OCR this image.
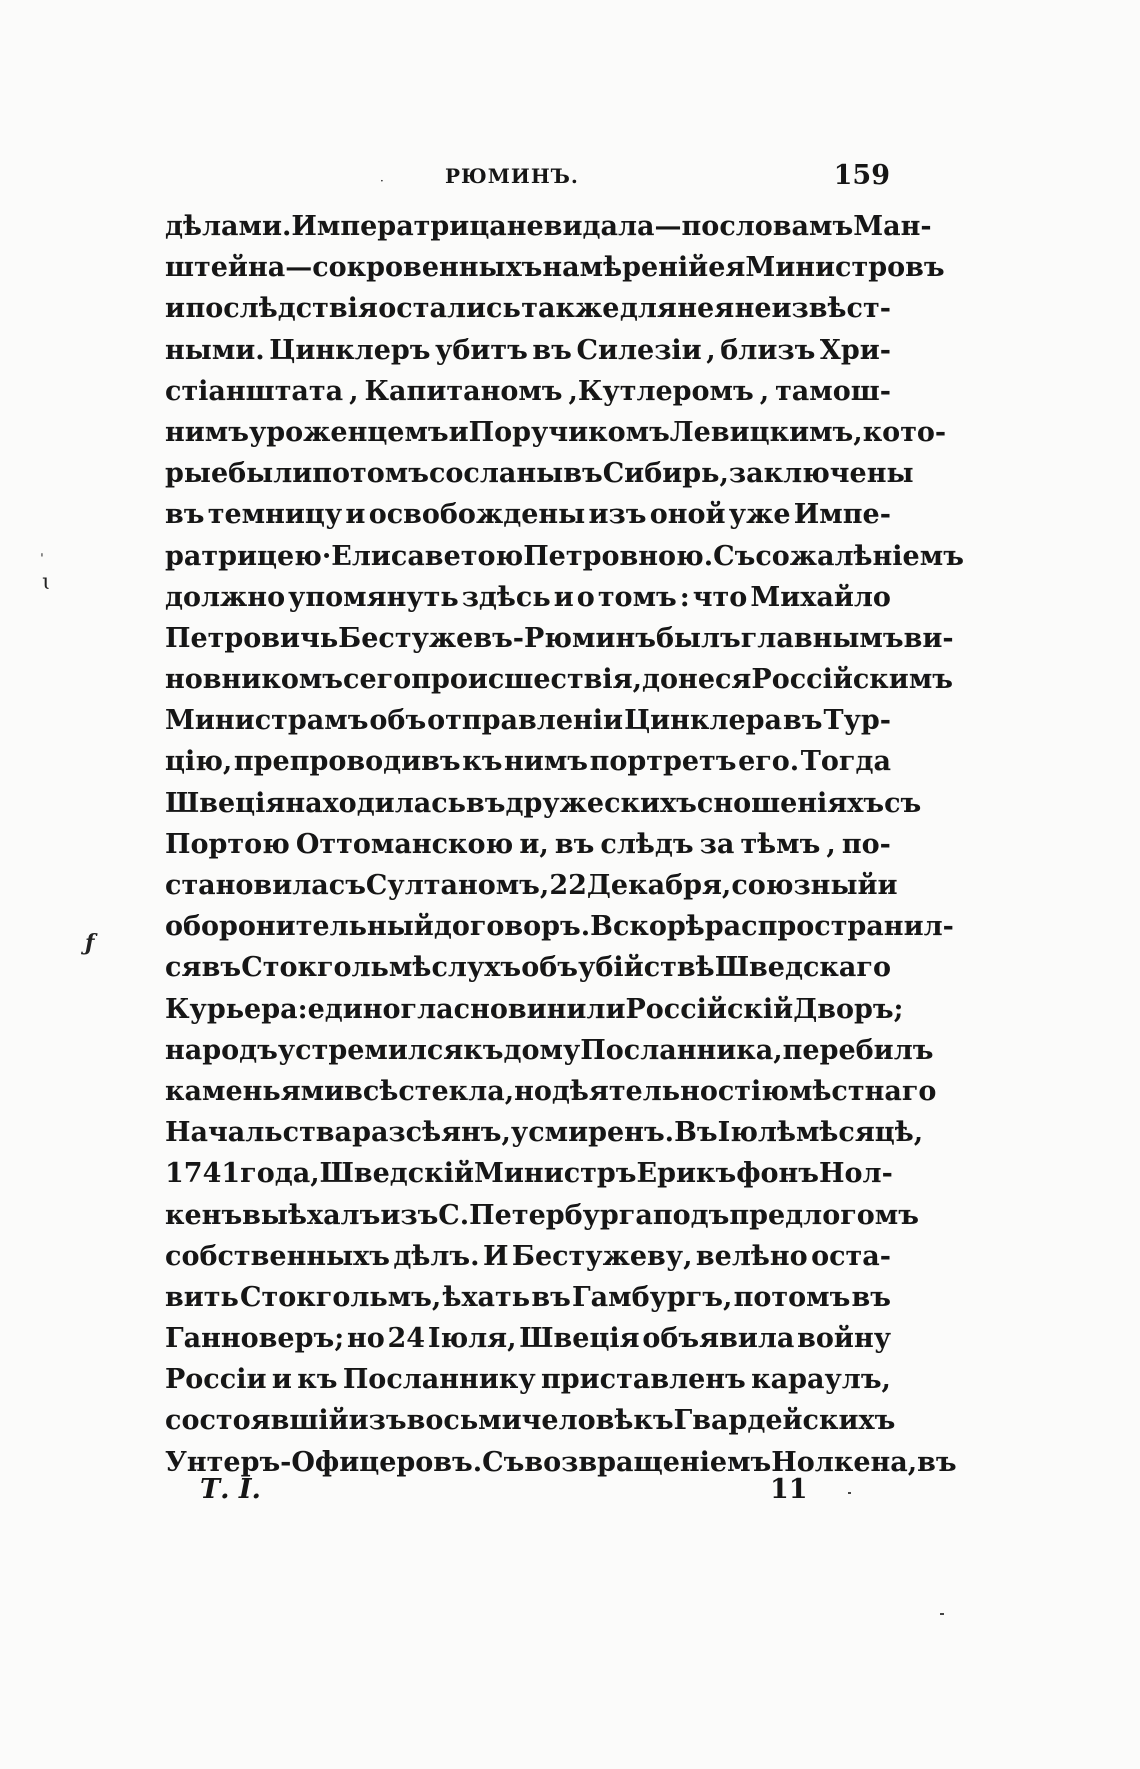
·	РЮМИНЪ.	159
дѣлами. Императрица не видала — по словамъ Ман-
штейна— сокровенныхъ намѣреній ея Министровъ
и послѣдствія остались также для нея неизвѣст-
ными. Цинклеръ убитъ въ Силезіи , близъ Хри-
стіанштата , Капитаномъ ,Кутлеромъ , тамош-
нимъ уроженцемъ и Поручикомъ Левицкимъ, кото-
рые были потомъ сосланы въ Сибирь, заключены
въ темницу и освобождены изъ оной уже Импе-
ратрицею · Елисаветою Петровною. Съ сожалѣніемъ
должно упомянуть здѣсь и о томъ : что Михайло
Петровичь Бестужевъ-Рюминъ былъ главнымъ ви-
новникомъ сего происшествія, донеся Россійскимъ
Министрамъ объ отправленіи Цинклера въ Тур-
цію, препроводивъ къ нимъ портретъ его. Тогда
Швеція находилась въ дружескихъ сношеніяхъ съ
Портою Оттоманскою и, въ слѣдъ за тѣмъ , по-
становила съ Султаномъ , 22 Декабря, союзный и
оборонительный договоръ. Вскорѣ распространил-
ся въ Стокгольмѣ слухъ объ убійствѣ Шведскаго
Курьера: единогласно винили Россійскій Дворъ;
народъ устремился къ дому Посланника, перебилъ
каменьями всѣ стекла, но дѣятельностію мѣстнаго
Начальства разсѣянъ , усмиренъ. Въ Іюлѣ мѣсяцѣ,
1741 года, Шведскій Министръ Ерикъ фонъ Нол-
кенъ выѣхалъ изъ С. Петербурга подъ предлогомъ
собственныхъ дѣлъ. И Бестужеву, велѣно оста-
вить Стокгольмъ, ѣхать въ Гамбургъ, потомъ въ
Ганноверъ; но 24 Іюля, Швеція объявила войну
Россіи и къ Посланнику приставленъ караулъ,
состоявшій изъ восьми человѣкъ Гвардейскихъ
Унтеръ-Офицеровъ. Съ возвращеніемъ Нолкена, въ
Т. I.	11
ˈ
ɩ
ƒ
